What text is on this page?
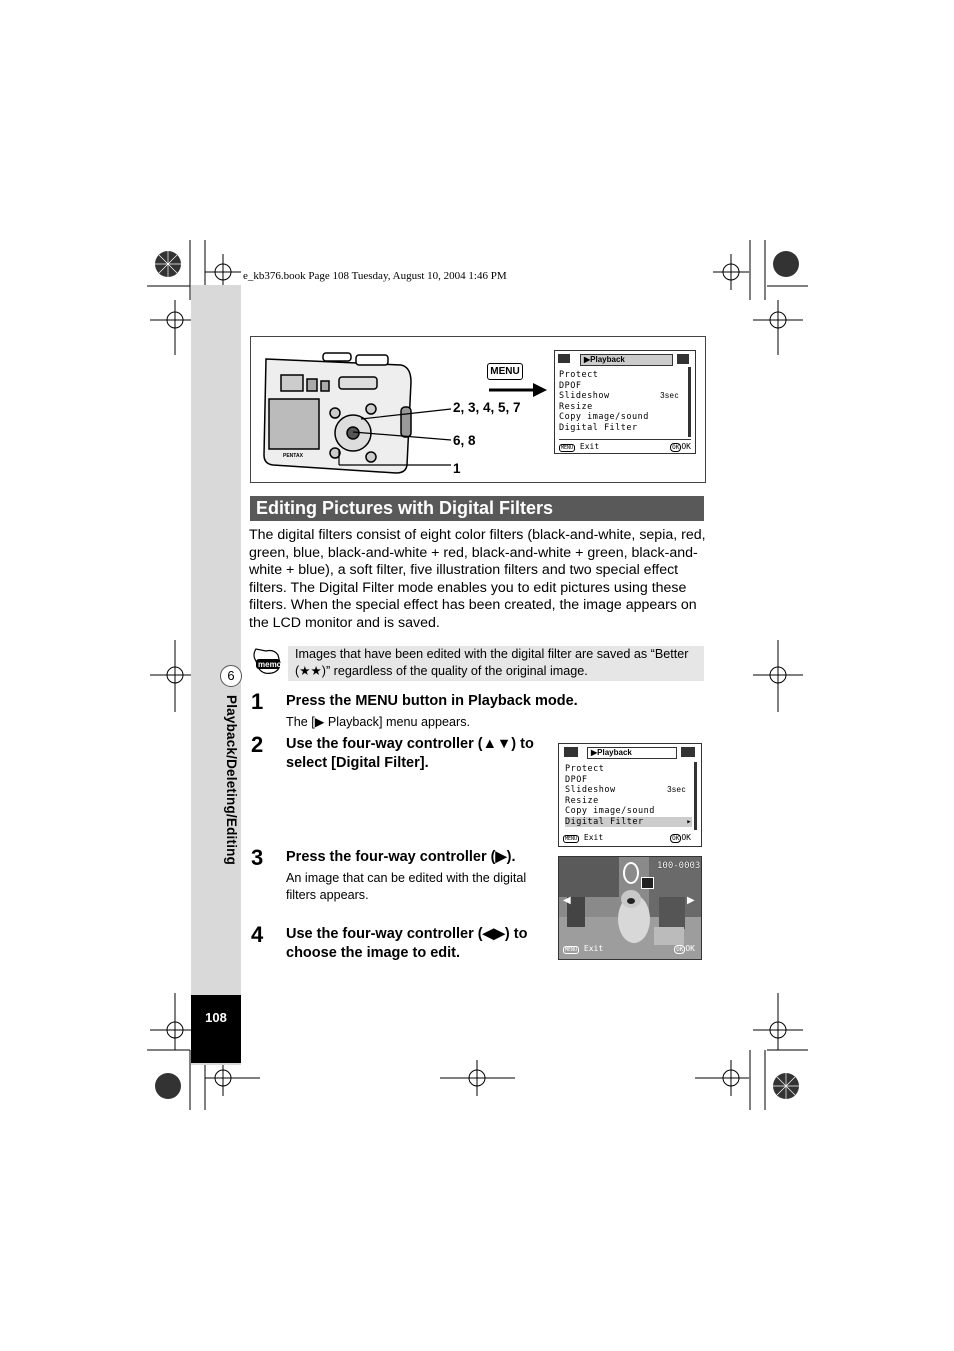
e_kb376.book Page 108 Tuesday, August 10, 2004 1:46 PM
6
Playback/Deleting/Editing
108
PENTAX
MENU
2, 3, 4, 5, 7
6, 8
1
▶Playback
Protect
DPOF
Slideshow	3sec
Resize
Copy image/sound
Digital Filter
MENU Exit	OK OK
Editing Pictures with Digital Filters
The digital filters consist of eight color filters (black-and-white, sepia, red, green, blue, black-and-white + red, black-and-white + green, black-and-white + blue), a soft filter, five illustration filters and two special effect filters. The Digital Filter mode enables you to edit pictures using these filters. When the special effect has been created, the image appears on the LCD monitor and is saved.
memo
Images that have been edited with the digital filter are saved as “Better (★★)” regardless of the quality of the original image.
1 Press the MENU button in Playback mode.
The [▶ Playback] menu appears.
2 Use the four-way controller (▲▼) to select [Digital Filter].
3 Press the four-way controller (▶).
An image that can be edited with the digital filters appears.
4 Use the four-way controller (◀▶) to choose the image to edit.
▶Playback
Protect
DPOF
Slideshow	3sec
Resize
Copy image/sound
Digital Filter	▸
MENU Exit	OK OK
100-0003
◀	▶
MENU Exit	OK OK
